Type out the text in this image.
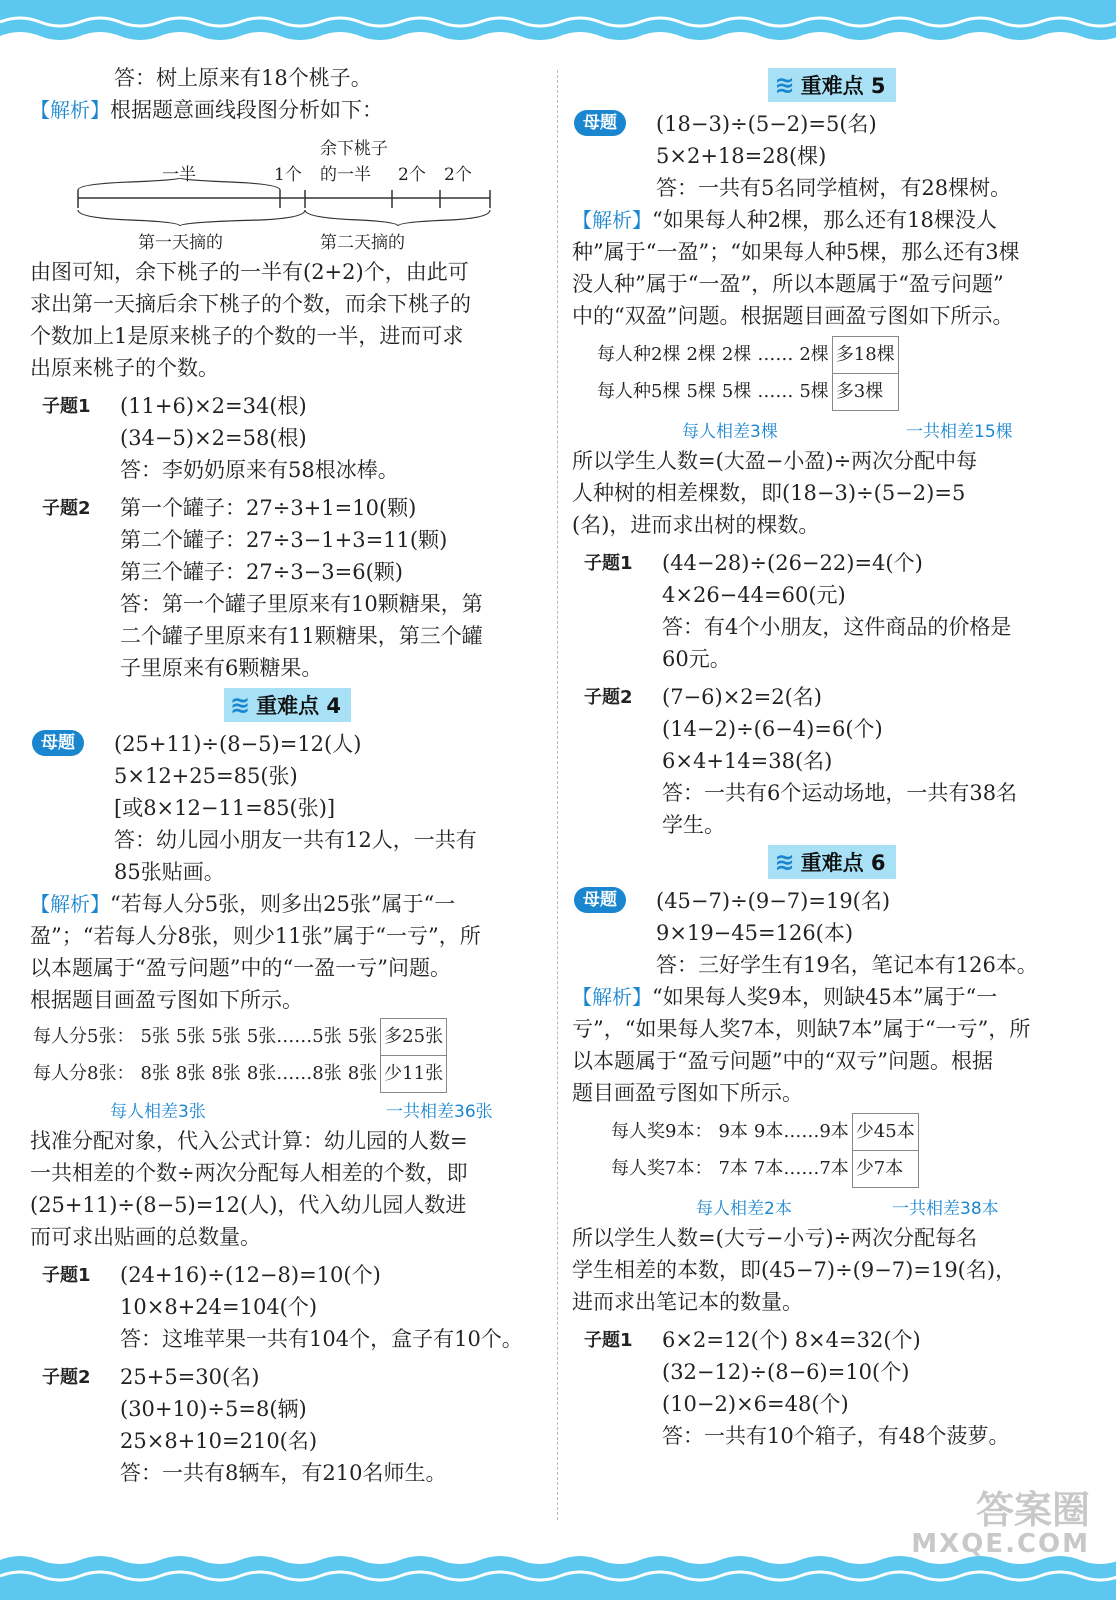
答：树上原来有18个桃子。
【解析】根据题意画线段图分析如下：
一半	1个
余下桃子
的一半 2个 2个
第一天摘的	第二天摘的
由图可知，余下桃子的一半有(2+2)个，由此可
求出第一天摘后余下桃子的个数，而余下桃子的
个数加上1是原来桃子的个数的一半，进而可求
出原来桃子的个数。
子题1 (11+6)×2=34(根)
(34−5)×2=58(根)
答：李奶奶原来有58根冰棒。
子题2 第一个罐子：27÷3+1=10(颗)
第二个罐子：27÷3−1+3=11(颗)
第三个罐子：27÷3−3=6(颗)
答：第一个罐子里原来有10颗糖果，第
二个罐子里原来有11颗糖果，第三个罐
子里原来有6颗糖果。
≋ 重难点 4
母题	(25+11)÷(8−5)=12(人)
5×12+25=85(张)
[或8×12−11=85(张)]
答：幼儿园小朋友一共有12人，一共有
85张贴画。
【解析】“若每人分5张，则多出25张”属于“一
盈”；“若每人分8张，则少11张”属于“一亏”，所
以本题属于“盈亏问题”中的“一盈一亏”问题。
根据题目画盈亏图如下所示。
每人分5张：	5张	5张	5张	5张……5张	5张	多25张
每人分8张：	8张	8张	8张	8张……8张	8张	少11张
每人相差3张	一共相差36张
找准分配对象，代入公式计算：幼儿园的人数=
一共相差的个数÷两次分配每人相差的个数，即
(25+11)÷(8−5)=12(人)，代入幼儿园人数进
而可求出贴画的总数量。
子题1 (24+16)÷(12−8)=10(个)
10×8+24=104(个)
答：这堆苹果一共有104个，盒子有10个。
子题2 25+5=30(名)
(30+10)÷5=8(辆)
25×8+10=210(名)
答：一共有8辆车，有210名师生。
≋ 重难点 5
母题	(18−3)÷(5−2)=5(名)
5×2+18=28(棵)
答：一共有5名同学植树，有28棵树。
【解析】“如果每人种2棵，那么还有18棵没人
种”属于“一盈”；“如果每人种5棵，那么还有3棵
没人种”属于“一盈”，所以本题属于“盈亏问题”
中的“双盈”问题。根据题目画盈亏图如下所示。
每人种2棵	2棵	2棵	……	2棵	多18棵
每人种5棵	5棵	5棵	……	5棵	多3棵
每人相差3棵	一共相差15棵
所以学生人数=(大盈−小盈)÷两次分配中每
人种树的相差棵数，即(18−3)÷(5−2)=5
(名)，进而求出树的棵数。
子题1 (44−28)÷(26−22)=4(个)
4×26−44=60(元)
答：有4个小朋友，这件商品的价格是
60元。
子题2 (7−6)×2=2(名)
(14−2)÷(6−4)=6(个)
6×4+14=38(名)
答：一共有6个运动场地，一共有38名
学生。
≋ 重难点 6
母题	(45−7)÷(9−7)=19(名)
9×19−45=126(本)
答：三好学生有19名，笔记本有126本。
【解析】“如果每人奖9本，则缺45本”属于“一
亏”，“如果每人奖7本，则缺7本”属于“一亏”，所
以本题属于“盈亏问题”中的“双亏”问题。根据
题目画盈亏图如下所示。
每人奖9本：	9本	9本……9本	少45本
每人奖7本：	7本	7本……7本	少7本
每人相差2本	一共相差38本
所以学生人数=(大亏−小亏)÷两次分配每名
学生相差的本数，即(45−7)÷(9−7)=19(名)，
进而求出笔记本的数量。
子题1 6×2=12(个) 8×4=32(个)
(32−12)÷(8−6)=10(个)
(10−2)×6=48(个)
答：一共有10个箱子，有48个菠萝。
答案圈
MXQE.COM
